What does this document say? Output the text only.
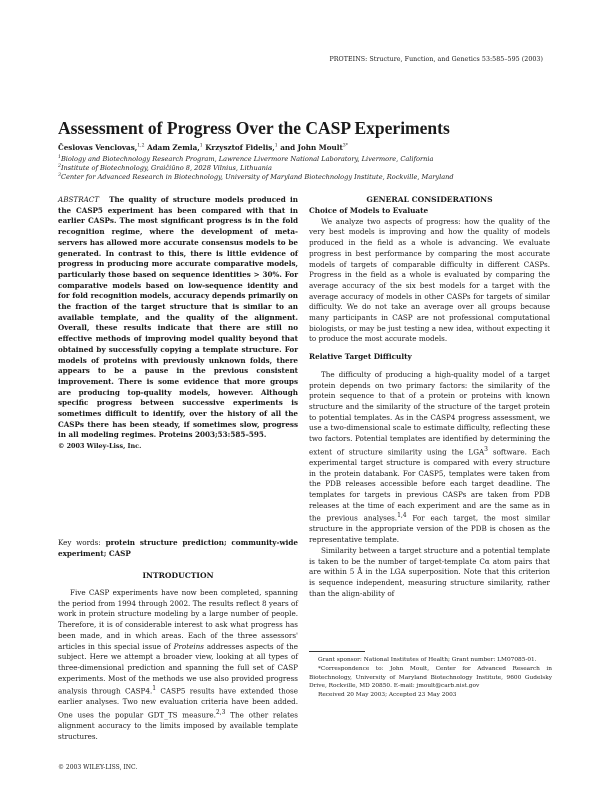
PROTEINS: Structure, Function, and Genetics 53:585–595 (2003)
Assessment of Progress Over the CASP Experiments
Česlovas Venclovas,$^{1,2}$ Adam Zemla,$^1$ Krzysztof Fidelis,$^1$ and John Moult$^{3*}$
$^1$Biology and Biotechnology Research Program, Lawrence Livermore National Laboratory, Livermore, California
$^2$Institute of Biotechnology, Graičiūno 8, 2028 Vilnius, Lithuania
$^3$Center for Advanced Research in Biotechnology, University of Maryland Biotechnology Institute, Rockville, Maryland
ABSTRACT The quality of structure models produced in the CASP5 experiment has been compared with that in earlier CASPs. The most significant progress is in the fold recognition regime, where the development of meta-servers has allowed more accurate consensus models to be generated. In contrast to this, there is little evidence of progress in producing more accurate comparative models, particularly those based on sequence identities > 30%. For comparative models based on low-sequence identity and for fold recognition models, accuracy depends primarily on the fraction of the target structure that is similar to an available template, and the quality of the alignment. Overall, these results indicate that there are still no effective methods of improving model quality beyond that obtained by successfully copying a template structure. For models of proteins with previously unknown folds, there appears to be a pause in the previous consistent improvement. There is some evidence that more groups are producing top-quality models, however. Although specific progress between successive experiments is sometimes difficult to identify, over the history of all the CASPs there has been steady, if sometimes slow, progress in all modeling regimes. Proteins 2003;53:585–595.
© 2003 Wiley-Liss, Inc.
Key words: protein structure prediction; community-wide experiment; CASP
INTRODUCTION

Five CASP experiments have now been completed, spanning the period from 1994 through 2002. The results reflect 8 years of work in protein structure modeling by a large number of people. Therefore, it is of considerable interest to ask what progress has been made, and in which areas. Each of the three assessors' articles in this special issue of Proteins addresses aspects of the subject. Here we attempt a broader view, looking at all types of three-dimensional prediction and spanning the full set of CASP experiments. Most of the methods we use also provided progress analysis through CASP4.$^1$ CASP5 results have extended those earlier analyses. Two new evaluation criteria have been added. One uses the popular GDT_TS measure.$^{2,3}$ The other relates alignment accuracy to the limits imposed by available template structures.

GENERAL CONSIDERATIONS
Choice of Models to Evaluate

We analyze two aspects of progress: how the quality of the very best models is improving and how the quality of models produced in the field as a whole is advancing. We evaluate progress in best performance by comparing the most accurate models of targets of comparable difficulty in different CASPs. Progress in the field as a whole is evaluated by comparing the average accuracy of the six best models for a target with the average accuracy of models in other CASPs for targets of similar difficulty. We do not take an average over all groups because many participants in CASP are not professional computational biologists, or may be just testing a new idea, without expecting it to produce the most accurate models.

Relative Target Difficulty

The difficulty of producing a high-quality model of a target protein depends on two primary factors: the similarity of the protein sequence to that of a protein or proteins with known structure and the similarity of the structure of the target protein to potential templates. As in the CASP4 progress assessment, we use a two-dimensional scale to estimate difficulty, reflecting these two factors. Potential templates are identified by determining the extent of structure similarity using the LGA$^3$ software. Each experimental target structure is compared with every structure in the protein databank. For CASP5, templates were taken from the PDB releases accessible before each target deadline. The templates for targets in previous CASPs are taken from PDB releases at the time of each experiment and are the same as in the previous analyses.$^{1,4}$ For each target, the most similar structure in the appropriate version of the PDB is chosen as the representative template.

Similarity between a target structure and a potential template is taken to be the number of target-template Cα atom pairs that are within 5 Å in the LGA superposition. Note that this criterion is sequence independent, measuring structure similarity, rather than the align-ability of

Grant sponsor: National Institutes of Health; Grant number: LM07085-01.
*Correspondence to: John Moult, Center for Advanced Research in Biotechnology, University of Maryland Biotechnology Institute, 9600 Gudelsky Drive, Rockville, MD 20850. E-mail: jmoult@carb.nist.gov
Received 20 May 2003; Accepted 23 May 2003
© 2003 WILEY-LISS, INC.
